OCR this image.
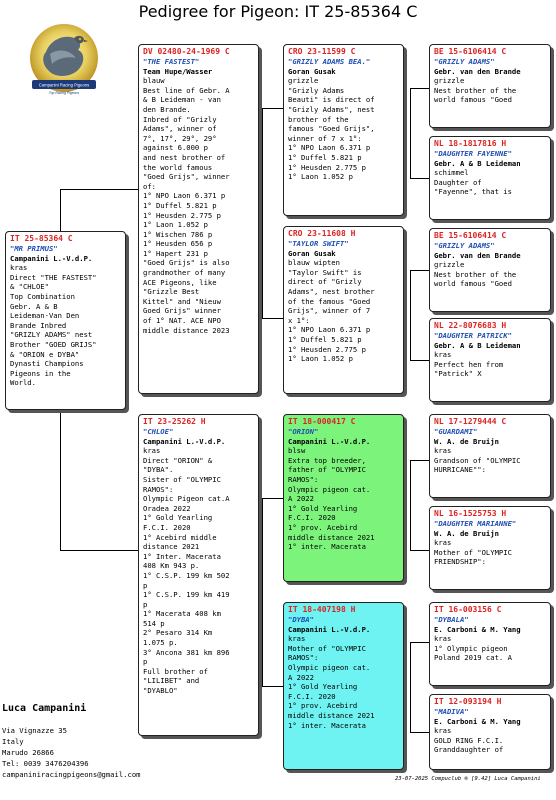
Pedigree for Pigeon: IT 25-85364 C
Campanini Racing Pigeons
Top Racing Pigeons
IT 25-85364 C
"MR PRIMUS"
Campanini L.-V.d.P.
kras
Direct "THE FASTEST"
& "CHLOE"
Top Combination
Gebr. A & B
Leideman-Van Den
Brande Inbred
"GRIZLY ADAMS" nest
Brother "GOED GRIJS"
& "ORION e DYBA"
Dynasti Champions
Pigeons in the
World.
DV 02480-24-1969 C
"THE FASTEST"
Team Hupe/Wasser
blauw
Best line of Gebr. A
& B Leideman - van
den Brande.
Inbred of "Grizly
Adams", winner of
7°, 17°, 29°, 29°
against 6.000 p
and nest brother of
the world famous
"Goed Grijs", winner
of:
1° NPO Laon 6.371 p
1° Duffel 5.821 p
1° Heusden 2.775 p
1° Laon 1.052 p
1° Wischen 786 p
1° Heusden 656 p
1° Hapert 231 p
"Goed Grijs" is also
grandmother of many
ACE Pigeons, like
"Grizzle Best
Kittel" and "Nieuw
Goed Grijs" winner
of 1° NAT. ACE NPO
middle distance 2023
IT 23-25262 H
"CHLOE"
Campanini L.-V.d.P.
kras
Direct "ORION" &
"DYBA".
Sister of "OLYMPIC
RAMOS":
Olympic Pigeon cat.A
Oradea 2022
1° Gold Yearling
F.C.I. 2020
1° Acebird middle
distance 2021
1° Inter. Macerata
408 Km 943 p.
1° C.S.P. 199 km 502
p
1° C.S.P. 199 km 419
p
1° Macerata 408 km
514 p
2° Pesaro 314 Km
1.075 p.
3° Ancona 381 km 896
p
Full brother of
"LILIBET" and
"DYABLO"
CRO 23-11599 C
"GRIZLY ADAMS BEA."
Goran Gusak
grizzle
"Grizly Adams
Beauti" is direct of
"Grizly Adams", nest
brother of the
famous "Goed Grijs",
winner of 7 x 1°:
1° NPO Laon 6.371 p
1° Duffel 5.821 p
1° Heusden 2.775 p
1° Laon 1.052 p
CRO 23-11608 H
"TAYLOR SWIFT"
Goran Gusak
blauw wipten
"Taylor Swift" is
direct of "Grizly
Adams", nest brother
of the famous "Goed
Grijs", winner of 7
x 1°:
1° NPO Laon 6.371 p
1° Duffel 5.821 p
1° Heusden 2.775 p
1° Laon 1.052 p
IT 18-000417 C
"ORION"
Campanini L.-V.d.P.
blsw
Extra top breeder,
father of "OLYMPIC
RAMOS":
Olympic pigeon cat.
A 2022
1° Gold Yearling
F.C.I. 2020
1° prov. Acebird
middle distance 2021
1° inter. Macerata
IT 18-407198 H
"DYBA"
Campanini L.-V.d.P.
kras
Mother of "OLYMPIC
RAMOS":
Olympic pigeon cat.
A 2022
1° Gold Yearling
F.C.I. 2020
1° prov. Acebird
middle distance 2021
1° inter. Macerata
BE 15-6106414 C
"GRIZLY ADAMS"
Gebr. van den Brande
grizzle
Nest brother of the
world famous "Goed
NL 18-1817816 H
"DAUGHTER FAYENNE"
Gebr. A & B Leideman
schimmel
Daughter of
"Fayenne", that is
BE 15-6106414 C
"GRIZLY ADAMS"
Gebr. van den Brande
grizzle
Nest brother of the
world famous "Goed
NL 22-8076683 H
"DAUGHTER PATRICK"
Gebr. A & B Leideman
kras
Perfect hen from
"Patrick" X
NL 17-1279444 C
"GUARDAMI"
W. A. de Bruijn
kras
Grandson of "OLYMPIC
HURRICANE"":
NL 16-1525753 H
"DAUGHTER MARIANNE"
W. A. de Bruijn
kras
Mother of "OLYMPIC
FRIENDSHIP":
IT 16-003156 C
"DYBALA"
E. Carboni & M. Yang
kras
1° Olympic pigeon
Poland 2019 cat. A
IT 12-093194 H
"MADIVA"
E. Carboni & M. Yang
kras
GOLD RING F.C.I.
Granddaughter of
Luca Campanini
Via Vignazze 35
Italy
Marudo 26866
Tel: 0039 3476204396
campaniniracingpigeons@gmail.com	23-07-2025 Compuclub ® [9.42] Luca Campanini
